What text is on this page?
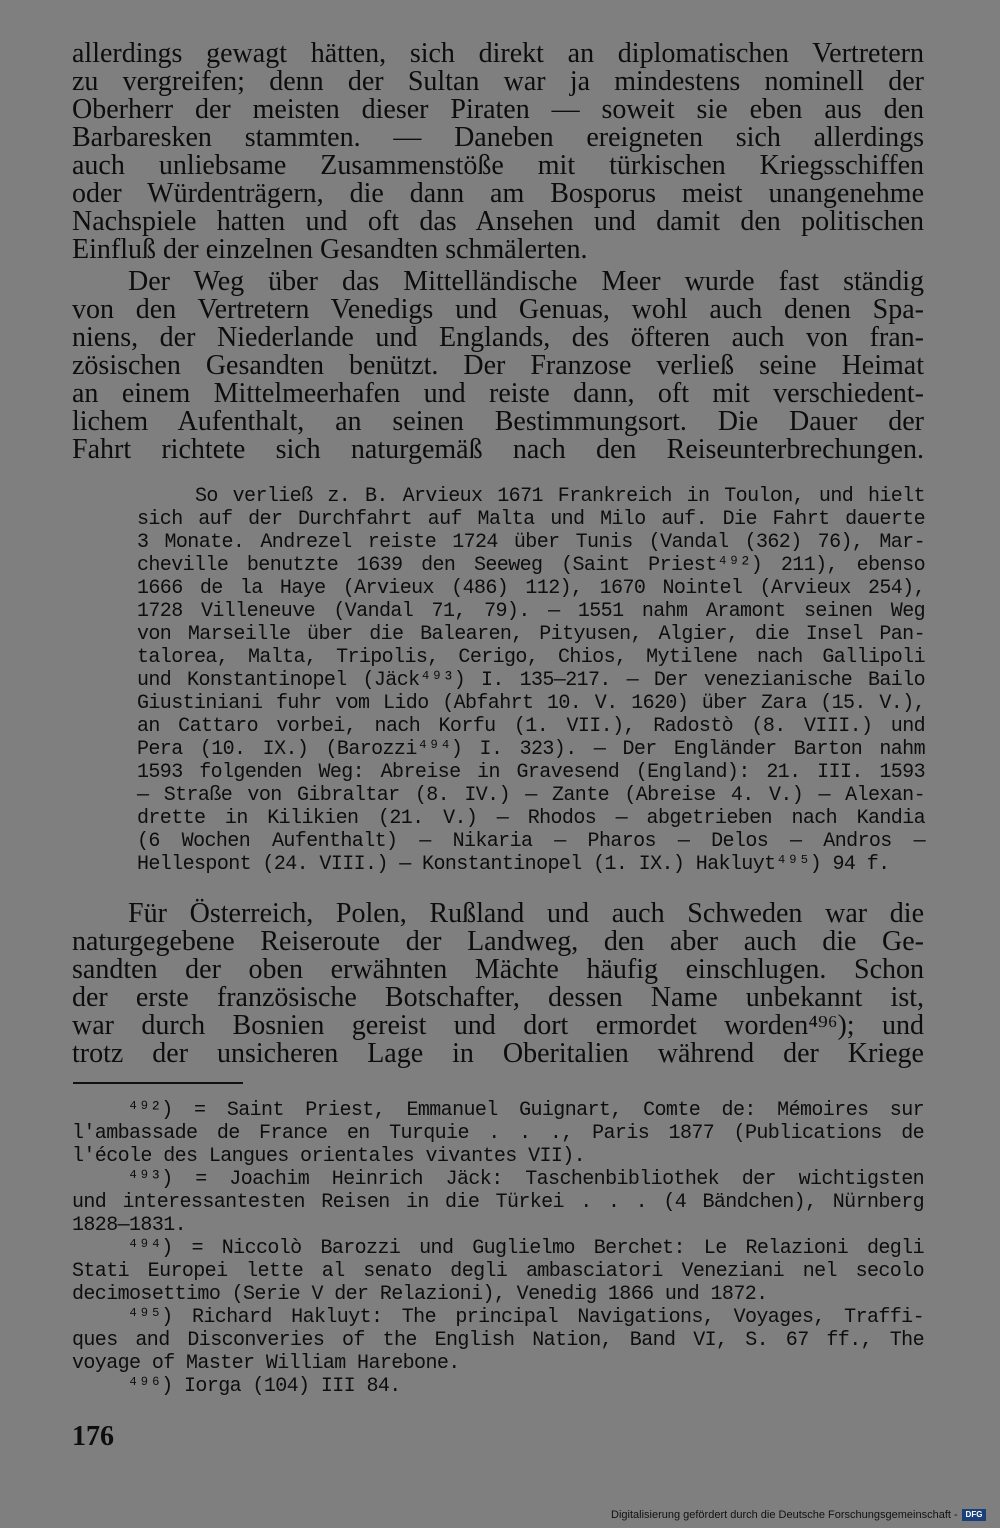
allerdings gewagt hätten, sich direkt an diplomatischen Vertretern
zu vergreifen; denn der Sultan war ja mindestens nominell der
Oberherr der meisten dieser Piraten — soweit sie eben aus den
Barbaresken stammten. — Daneben ereigneten sich allerdings
auch unliebsame Zusammenstöße mit türkischen Kriegsschiffen
oder Würdenträgern, die dann am Bosporus meist unangenehme
Nachspiele hatten und oft das Ansehen und damit den politischen
Einfluß der einzelnen Gesandten schmälerten.
Der Weg über das Mittelländische Meer wurde fast ständig
von den Vertretern Venedigs und Genuas, wohl auch denen Spa-
niens, der Niederlande und Englands, des öfteren auch von fran-
zösischen Gesandten benützt. Der Franzose verließ seine Heimat
an einem Mittelmeerhafen und reiste dann, oft mit verschiedent-
lichem Aufenthalt, an seinen Bestimmungsort. Die Dauer der
Fahrt richtete sich naturgemäß nach den Reiseunterbrechungen.
So verließ z. B. Arvieux 1671 Frankreich in Toulon, und hielt
sich auf der Durchfahrt auf Malta und Milo auf. Die Fahrt dauerte
3 Monate. Andrezel reiste 1724 über Tunis (Vandal (362) 76), Mar-
cheville benutzte 1639 den Seeweg (Saint Priest⁴⁹²) 211), ebenso
1666 de la Haye (Arvieux (486) 112), 1670 Nointel (Arvieux 254),
1728 Villeneuve (Vandal 71, 79). — 1551 nahm Aramont seinen Weg
von Marseille über die Balearen, Pityusen, Algier, die Insel Pan-
talorea, Malta, Tripolis, Cerigo, Chios, Mytilene nach Gallipoli
und Konstantinopel (Jäck⁴⁹³) I. 135—217. — Der venezianische Bailo
Giustiniani fuhr vom Lido (Abfahrt 10. V. 1620) über Zara (15. V.),
an Cattaro vorbei, nach Korfu (1. VII.), Radostò (8. VIII.) und
Pera (10. IX.) (Barozzi⁴⁹⁴) I. 323). — Der Engländer Barton nahm
1593 folgenden Weg: Abreise in Gravesend (England): 21. III. 1593
— Straße von Gibraltar (8. IV.) — Zante (Abreise 4. V.) — Alexan-
drette in Kilikien (21. V.) — Rhodos — abgetrieben nach Kandia
(6 Wochen Aufenthalt) — Nikaria — Pharos — Delos — Andros —
Hellespont (24. VIII.) — Konstantinopel (1. IX.) Hakluyt⁴⁹⁵) 94 f.
Für Österreich, Polen, Rußland und auch Schweden war die
naturgegebene Reiseroute der Landweg, den aber auch die Ge-
sandten der oben erwähnten Mächte häufig einschlugen. Schon
der erste französische Botschafter, dessen Name unbekannt ist,
war durch Bosnien gereist und dort ermordet worden⁴⁹⁶); und
trotz der unsicheren Lage in Oberitalien während der Kriege
⁴⁹²) = Saint Priest, Emmanuel Guignart, Comte de: Mémoires sur
l'ambassade de France en Turquie . . ., Paris 1877 (Publications de
l'école des Langues orientales vivantes VII).
⁴⁹³) = Joachim Heinrich Jäck: Taschenbibliothek der wichtigsten
und interessantesten Reisen in die Türkei . . . (4 Bändchen), Nürnberg
1828—1831.
⁴⁹⁴) = Niccolò Barozzi und Guglielmo Berchet: Le Relazioni degli
Stati Europei lette al senato degli ambasciatori Veneziani nel secolo
decimosettimo (Serie V der Relazioni), Venedig 1866 und 1872.
⁴⁹⁵) Richard Hakluyt: The principal Navigations, Voyages, Traffi-
ques and Disconveries of the English Nation, Band VI, S. 67 ff., The
voyage of Master William Harebone.
⁴⁹⁶) Iorga (104) III 84.
176
Digitalisierung gefördert durch die Deutsche Forschungsgemeinschaft - DFG
